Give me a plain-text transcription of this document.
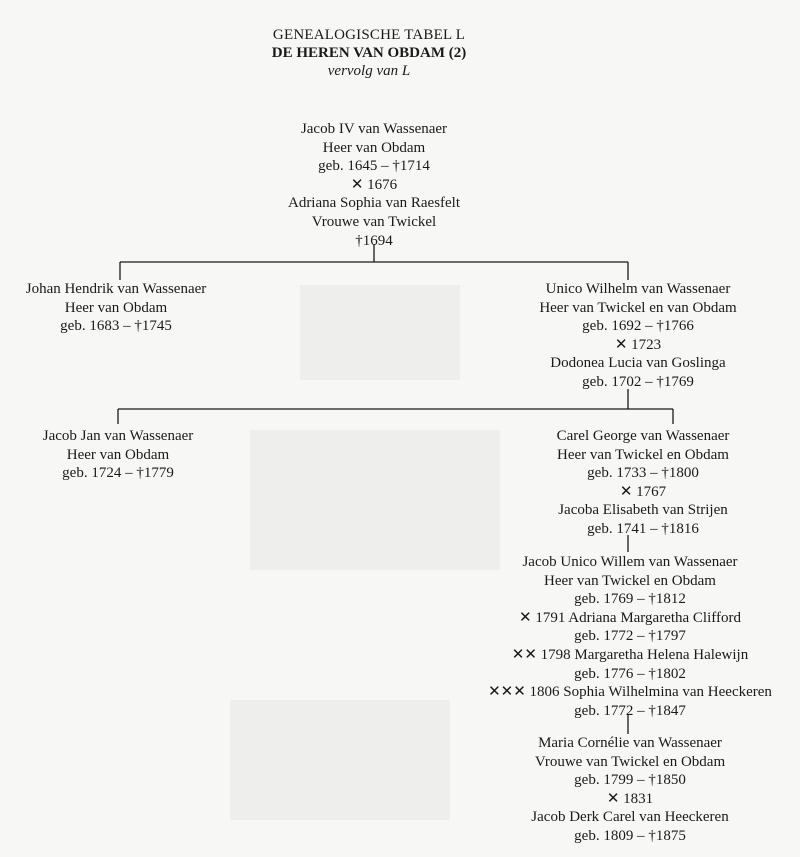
GENEALOGISCHE TABEL L
DE HEREN VAN OBDAM (2)
vervolg van L
Jacob IV van Wassenaer
Heer van Obdam
geb. 1645 – †1714
✕ 1676
Adriana Sophia van Raesfelt
Vrouwe van Twickel
†1694
Johan Hendrik van Wassenaer
Heer van Obdam
geb. 1683 – †1745
Unico Wilhelm van Wassenaer
Heer van Twickel en van Obdam
geb. 1692 – †1766
✕ 1723
Dodonea Lucia van Goslinga
geb. 1702 – †1769
Jacob Jan van Wassenaer
Heer van Obdam
geb. 1724 – †1779
Carel George van Wassenaer
Heer van Twickel en Obdam
geb. 1733 – †1800
✕ 1767
Jacoba Elisabeth van Strijen
geb. 1741 – †1816
Jacob Unico Willem van Wassenaer
Heer van Twickel en Obdam
geb. 1769 – †1812
✕ 1791 Adriana Margaretha Clifford
geb. 1772 – †1797
✕✕ 1798 Margaretha Helena Halewijn
geb. 1776 – †1802
✕✕✕ 1806 Sophia Wilhelmina van Heeckeren
geb. 1772 – †1847
Maria Cornélie van Wassenaer
Vrouwe van Twickel en Obdam
geb. 1799 – †1850
✕ 1831
Jacob Derk Carel van Heeckeren
geb. 1809 – †1875
